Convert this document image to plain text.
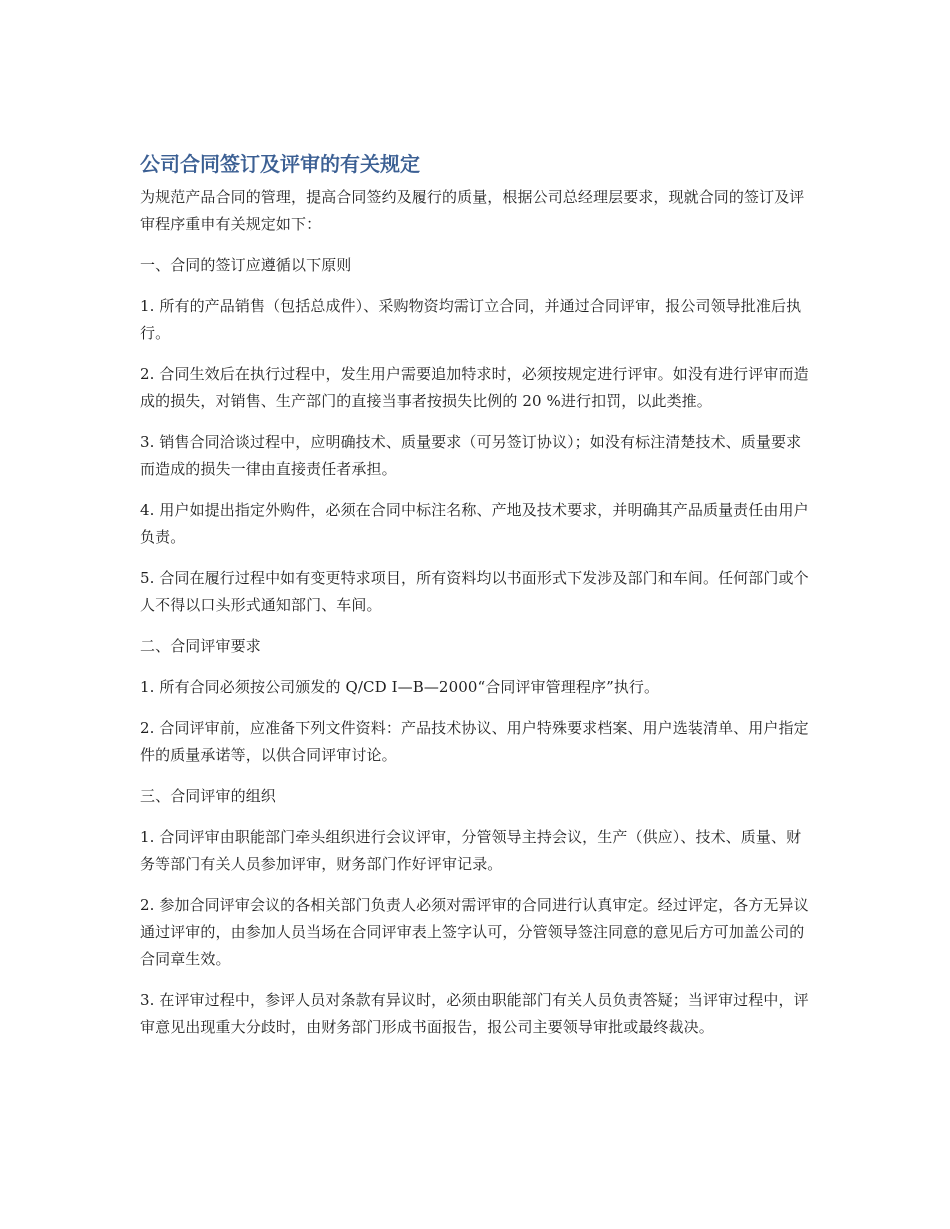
公司合同签订及评审的有关规定

为规范产品合同的管理，提高合同签约及履行的质量，根据公司总经理层要求，现就合同的签订及评审程序重申有关规定如下：

一、合同的签订应遵循以下原则

1. 所有的产品销售（包括总成件）、采购物资均需订立合同，并通过合同评审，报公司领导批准后执行。

2. 合同生效后在执行过程中，发生用户需要追加特求时，必须按规定进行评审。如没有进行评审而造成的损失，对销售、生产部门的直接当事者按损失比例的 20 %进行扣罚，以此类推。

3. 销售合同洽谈过程中，应明确技术、质量要求（可另签订协议）；如没有标注清楚技术、质量要求而造成的损失一律由直接责任者承担。

4. 用户如提出指定外购件，必须在合同中标注名称、产地及技术要求，并明确其产品质量责任由用户负责。

5. 合同在履行过程中如有变更特求项目，所有资料均以书面形式下发涉及部门和车间。任何部门或个人不得以口头形式通知部门、车间。

二、合同评审要求

1. 所有合同必须按公司颁发的 Q/CD I—B—2000“合同评审管理程序”执行。

2. 合同评审前，应准备下列文件资料：产品技术协议、用户特殊要求档案、用户选装清单、用户指定件的质量承诺等，以供合同评审讨论。

三、合同评审的组织

1. 合同评审由职能部门牵头组织进行会议评审，分管领导主持会议，生产（供应）、技术、质量、财务等部门有关人员参加评审，财务部门作好评审记录。

2. 参加合同评审会议的各相关部门负责人必须对需评审的合同进行认真审定。经过评定，各方无异议通过评审的，由参加人员当场在合同评审表上签字认可，分管领导签注同意的意见后方可加盖公司的合同章生效。

3. 在评审过程中，参评人员对条款有异议时，必须由职能部门有关人员负责答疑；当评审过程中，评审意见出现重大分歧时，由财务部门形成书面报告，报公司主要领导审批或最终裁决。
